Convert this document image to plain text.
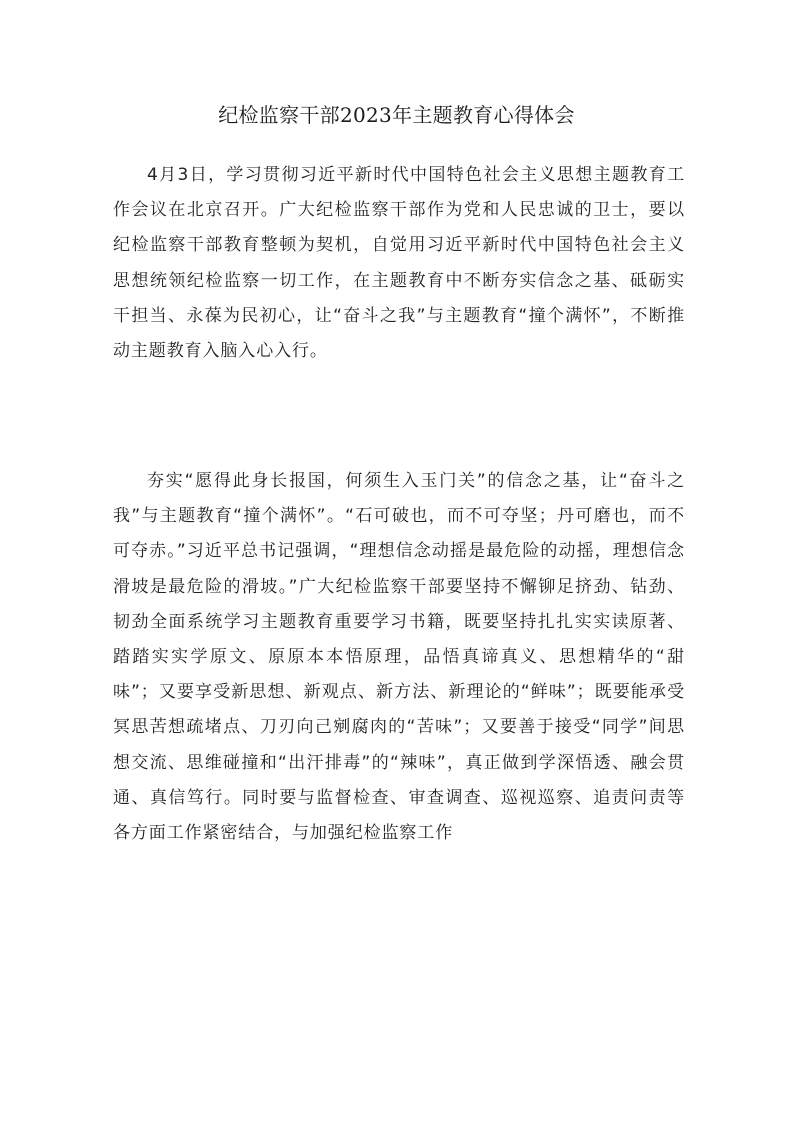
纪检监察干部2023年主题教育心得体会

4月3日，学习贯彻习近平新时代中国特色社会主义思想主题教育工作会议在北京召开。广大纪检监察干部作为党和人民忠诚的卫士，要以纪检监察干部教育整顿为契机，自觉用习近平新时代中国特色社会主义思想统领纪检监察一切工作，在主题教育中不断夯实信念之基、砥砺实干担当、永葆为民初心，让“奋斗之我”与主题教育“撞个满怀”，不断推动主题教育入脑入心入行。

夯实“愿得此身长报国，何须生入玉门关”的信念之基，让“奋斗之我”与主题教育“撞个满怀”。“石可破也，而不可夺坚；丹可磨也，而不可夺赤。”习近平总书记强调，“理想信念动摇是最危险的动摇，理想信念滑坡是最危险的滑坡。”广大纪检监察干部要坚持不懈铆足挤劲、钻劲、韧劲全面系统学习主题教育重要学习书籍，既要坚持扎扎实实读原著、踏踏实实学原文、原原本本悟原理，品悟真谛真义、思想精华的“甜味”；又要享受新思想、新观点、新方法、新理论的“鲜味”；既要能承受冥思苦想疏堵点、刀刃向己剜腐肉的“苦味”；又要善于接受“同学”间思想交流、思维碰撞和“出汗排毒”的“辣味”，真正做到学深悟透、融会贯通、真信笃行。同时要与监督检查、审查调查、巡视巡察、追责问责等各方面工作紧密结合，与加强纪检监察工作
